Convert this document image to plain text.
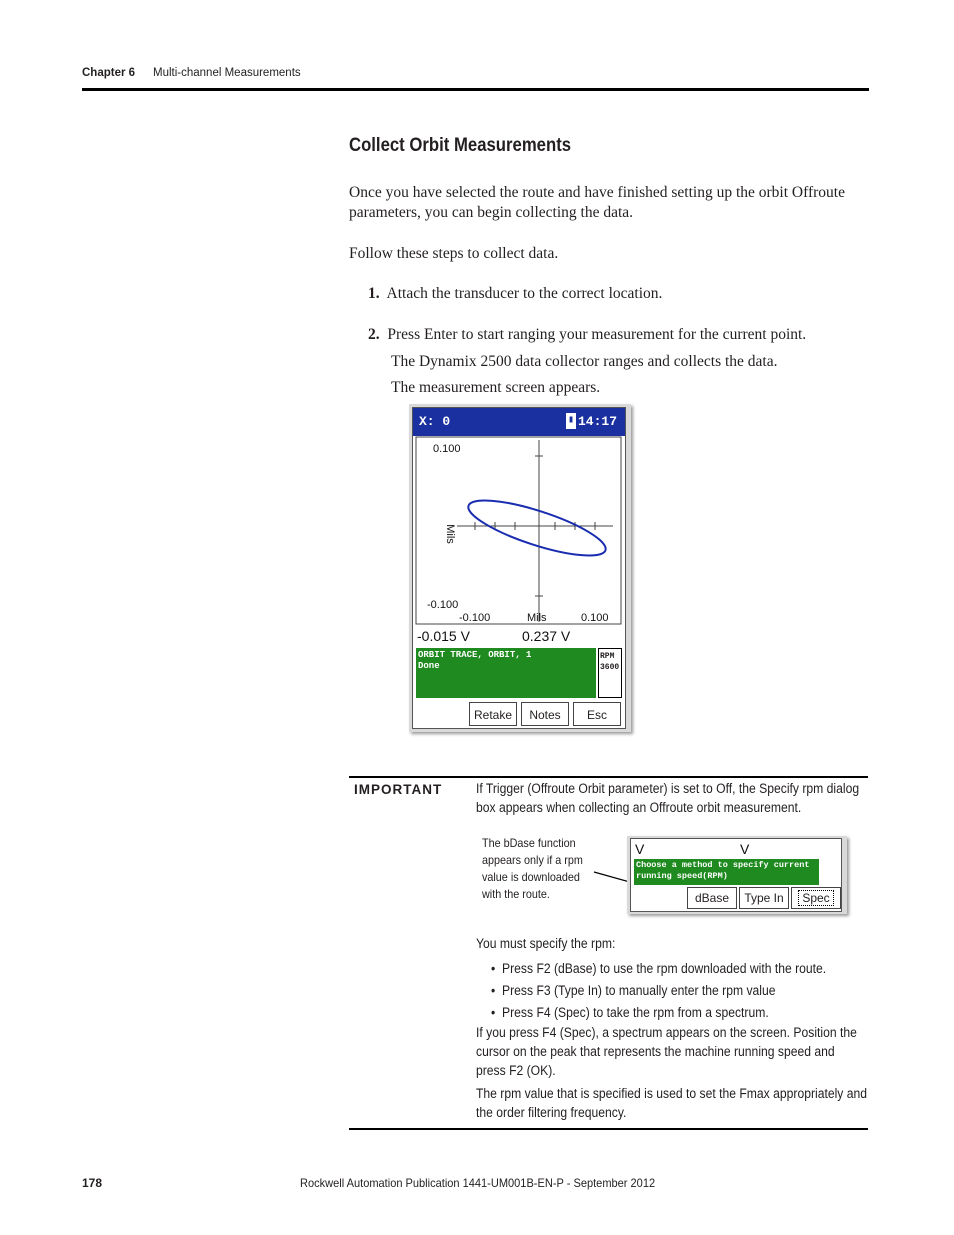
Chapter 6 Multi-channel Measurements
Collect Orbit Measurements
Once you have selected the route and have finished setting up the orbit Offroute parameters, you can begin collecting the data.
Follow these steps to collect data.
1. Attach the transducer to the correct location.
2. Press Enter to start ranging your measurement for the current point.
The Dynamix 2500 data collector ranges and collects the data.
The measurement screen appears.
X: 0	▮ 14:17
0.100
-0.100
Mils
-0.100	Mils	0.100
-0.015 V	0.237 V
ORBIT TRACE, ORBIT, 1
Done
RPM
3600
Retake	Notes	Esc
IMPORTANT	If Trigger (Offroute Orbit parameter) is set to Off, the Specify rpm dialog box appears when collecting an Offroute orbit measurement.
The bDase function appears only if a rpm value is downloaded with the route.
V	V
Choose a method to specify current
running speed(RPM)
dBase	Type In	Spec
You must specify the rpm:
•  Press F2 (dBase) to use the rpm downloaded with the route.
•  Press F3 (Type In) to manually enter the rpm value
•  Press F4 (Spec) to take the rpm from a spectrum.
If you press F4 (Spec), a spectrum appears on the screen. Position the cursor on the peak that represents the machine running speed and press F2 (OK).
The rpm value that is specified is used to set the Fmax appropriately and the order filtering frequency.
178	Rockwell Automation Publication 1441-UM001B-EN-P - September 2012
